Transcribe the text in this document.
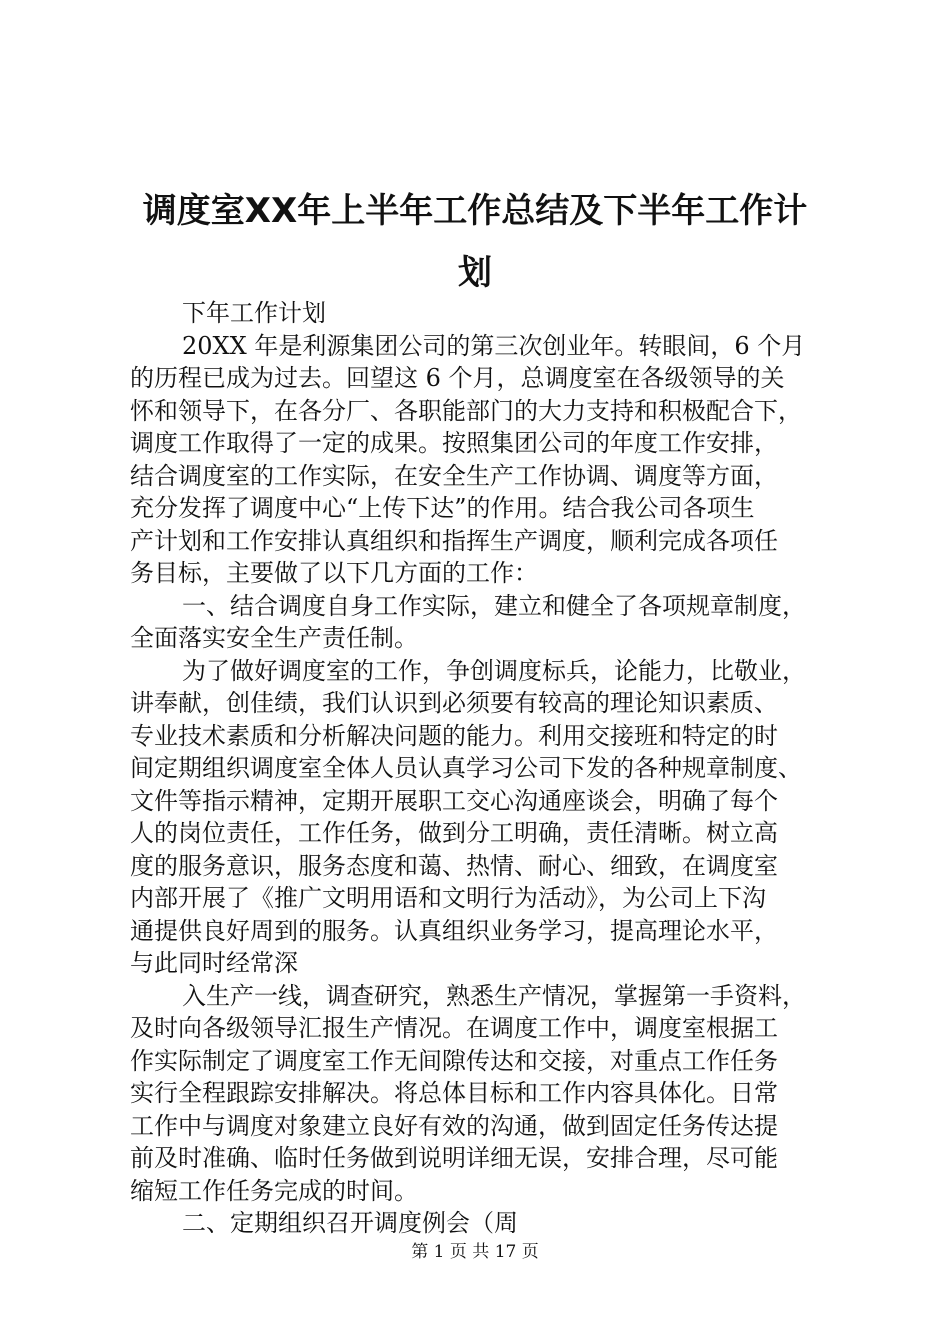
调度室XX年上半年工作总结及下半年工作计
划
下年工作计划
20XX 年是利源集团公司的第三次创业年。转眼间，6 个月
的历程已成为过去。回望这 6 个月，总调度室在各级领导的关
怀和领导下，在各分厂、各职能部门的大力支持和积极配合下，
调度工作取得了一定的成果。按照集团公司的年度工作安排，
结合调度室的工作实际，在安全生产工作协调、调度等方面，
充分发挥了调度中心“上传下达”的作用。结合我公司各项生
产计划和工作安排认真组织和指挥生产调度，顺利完成各项任
务目标，主要做了以下几方面的工作：
一、结合调度自身工作实际，建立和健全了各项规章制度，
全面落实安全生产责任制。
为了做好调度室的工作，争创调度标兵，论能力，比敬业，
讲奉献，创佳绩，我们认识到必须要有较高的理论知识素质、
专业技术素质和分析解决问题的能力。利用交接班和特定的时
间定期组织调度室全体人员认真学习公司下发的各种规章制度、
文件等指示精神，定期开展职工交心沟通座谈会，明确了每个
人的岗位责任，工作任务，做到分工明确，责任清晰。树立高
度的服务意识，服务态度和蔼、热情、耐心、细致，在调度室
内部开展了《推广文明用语和文明行为活动》，为公司上下沟
通提供良好周到的服务。认真组织业务学习，提高理论水平，
与此同时经常深
入生产一线，调查研究，熟悉生产情况，掌握第一手资料，
及时向各级领导汇报生产情况。在调度工作中，调度室根据工
作实际制定了调度室工作无间隙传达和交接，对重点工作任务
实行全程跟踪安排解决。将总体目标和工作内容具体化。日常
工作中与调度对象建立良好有效的沟通，做到固定任务传达提
前及时准确、临时任务做到说明详细无误，安排合理，尽可能
缩短工作任务完成的时间。
二、定期组织召开调度例会（周
第 1 页 共 17 页
